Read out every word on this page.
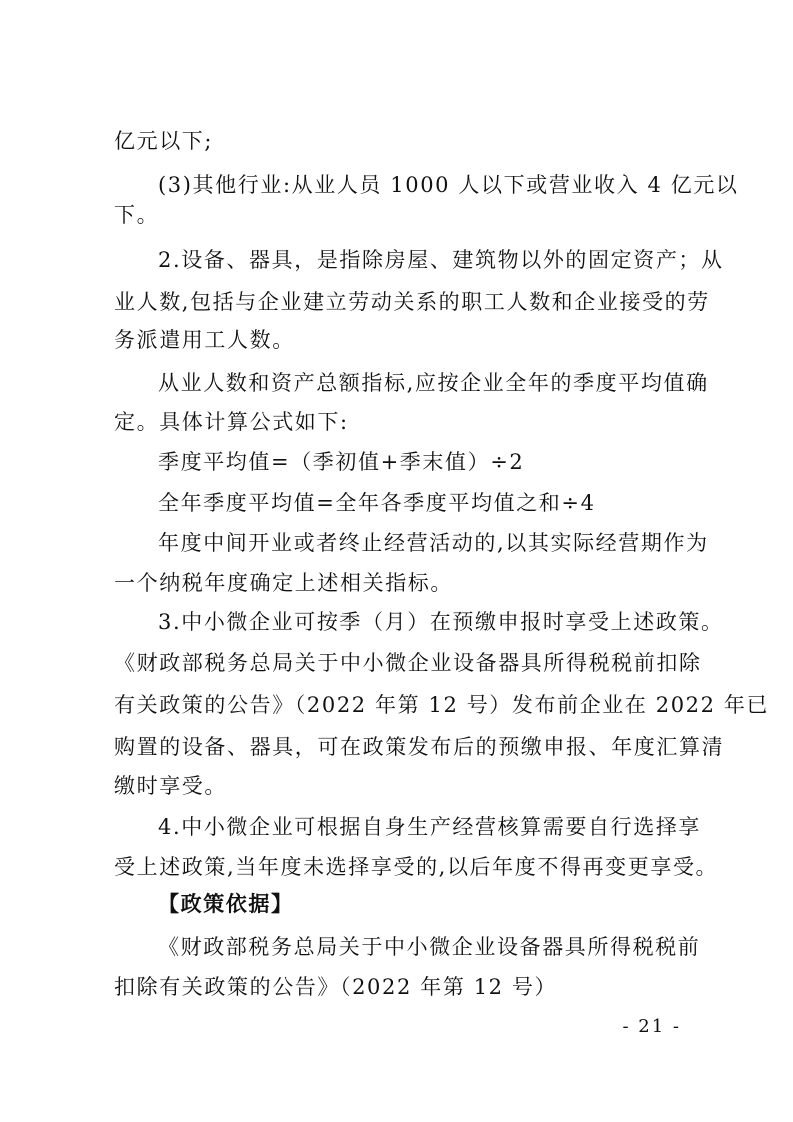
亿元以下;
(3)其他行业:从业人员 1000 人以下或营业收入 4 亿元以
下。
2.设备、器具，是指除房屋、建筑物以外的固定资产；从
业人数,包括与企业建立劳动关系的职工人数和企业接受的劳
务派遣用工人数。
从业人数和资产总额指标,应按企业全年的季度平均值确
定。具体计算公式如下:
季度平均值=（季初值+季末值）÷2
全年季度平均值=全年各季度平均值之和÷4
年度中间开业或者终止经营活动的,以其实际经营期作为
一个纳税年度确定上述相关指标。
3.中小微企业可按季（月）在预缴申报时享受上述政策。
《财政部税务总局关于中小微企业设备器具所得税税前扣除
有关政策的公告》（2022 年第 12 号）发布前企业在 2022 年已
购置的设备、器具，可在政策发布后的预缴申报、年度汇算清
缴时享受。
4.中小微企业可根据自身生产经营核算需要自行选择享
受上述政策,当年度未选择享受的,以后年度不得再变更享受。
【政策依据】
《财政部税务总局关于中小微企业设备器具所得税税前
扣除有关政策的公告》（2022 年第 12 号）
- 21 -
